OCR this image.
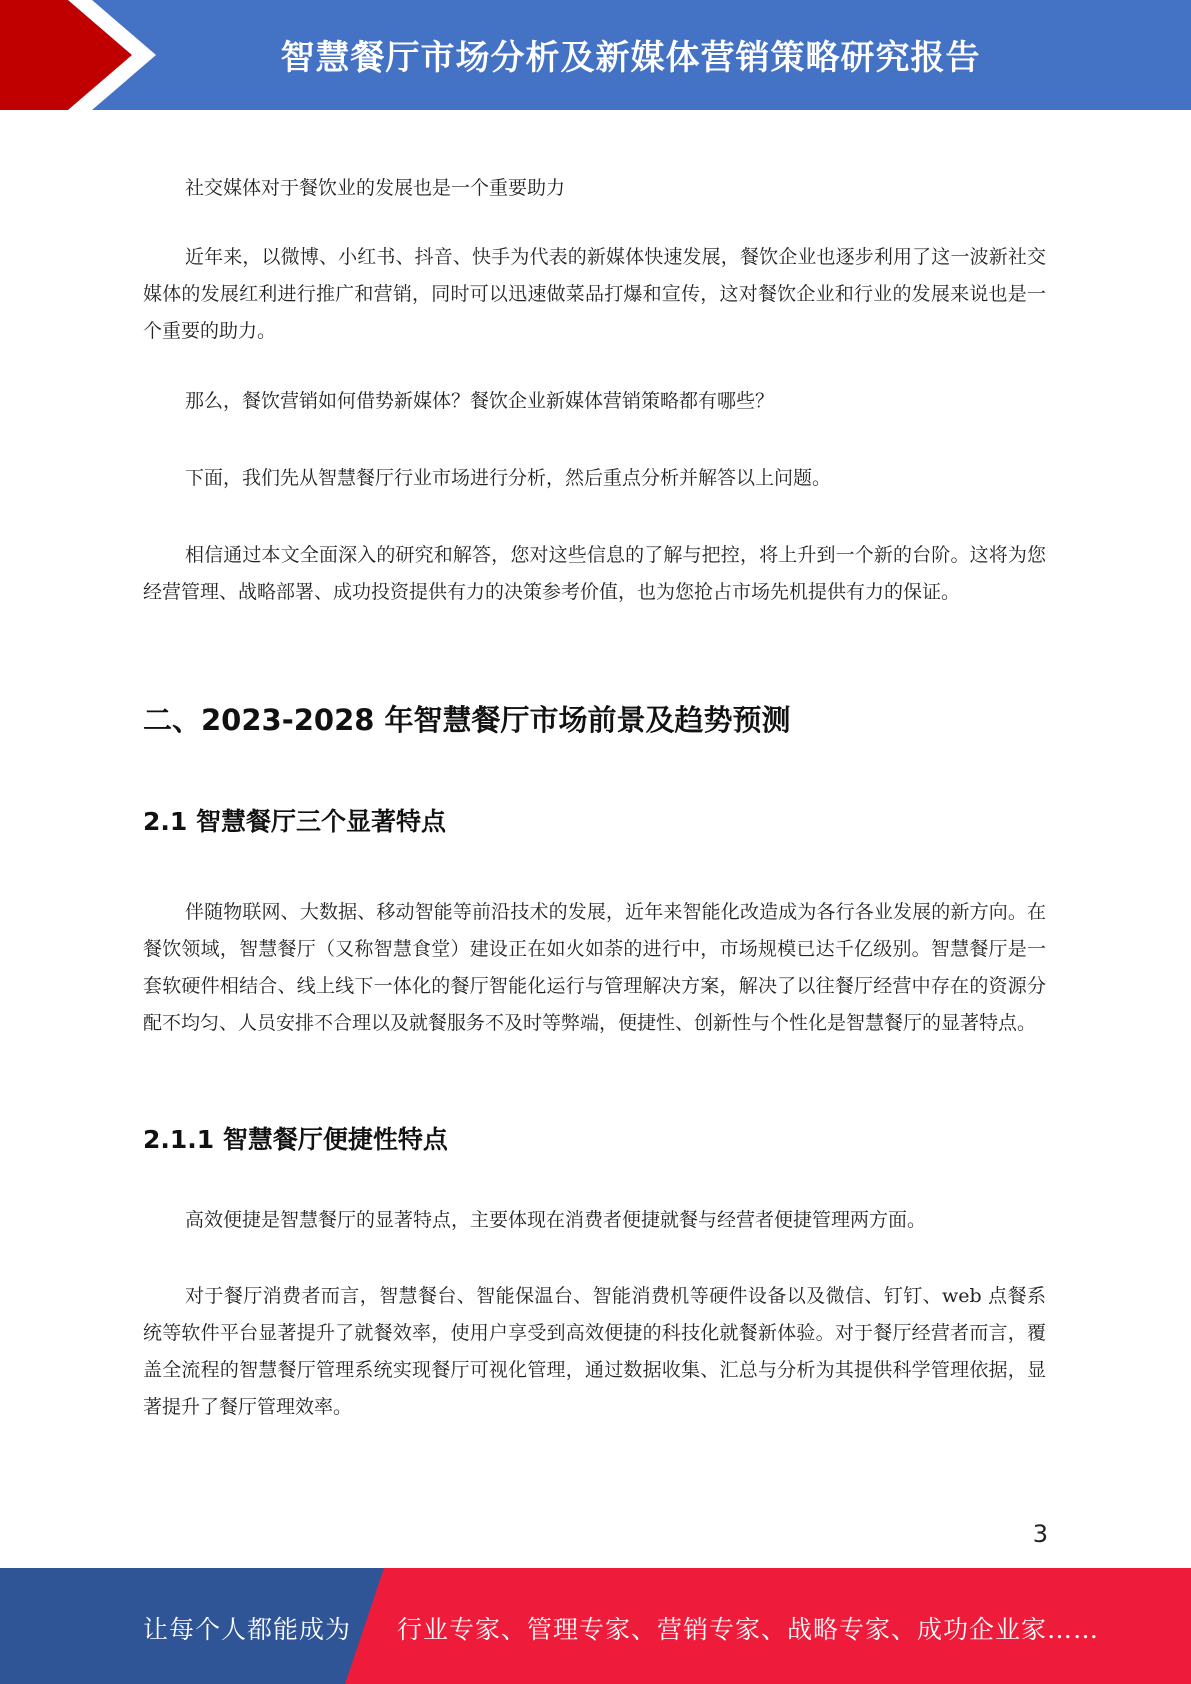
智慧餐厅市场分析及新媒体营销策略研究报告

社交媒体对于餐饮业的发展也是一个重要助力

近年来，以微博、小红书、抖音、快手为代表的新媒体快速发展，餐饮企业也逐步利用了这一波新社交媒体的发展红利进行推广和营销，同时可以迅速做菜品打爆和宣传，这对餐饮企业和行业的发展来说也是一个重要的助力。

那么，餐饮营销如何借势新媒体？餐饮企业新媒体营销策略都有哪些？

下面，我们先从智慧餐厅行业市场进行分析，然后重点分析并解答以上问题。

相信通过本文全面深入的研究和解答，您对这些信息的了解与把控，将上升到一个新的台阶。这将为您经营管理、战略部署、成功投资提供有力的决策参考价值，也为您抢占市场先机提供有力的保证。

二、2023-2028 年智慧餐厅市场前景及趋势预测
2.1 智慧餐厅三个显著特点

伴随物联网、大数据、移动智能等前沿技术的发展，近年来智能化改造成为各行各业发展的新方向。在餐饮领域，智慧餐厅（又称智慧食堂）建设正在如火如荼的进行中，市场规模已达千亿级别。智慧餐厅是一套软硬件相结合、线上线下一体化的餐厅智能化运行与管理解决方案，解决了以往餐厅经营中存在的资源分配不均匀、人员安排不合理以及就餐服务不及时等弊端，便捷性、创新性与个性化是智慧餐厅的显著特点。

2.1.1 智慧餐厅便捷性特点

高效便捷是智慧餐厅的显著特点，主要体现在消费者便捷就餐与经营者便捷管理两方面。

对于餐厅消费者而言，智慧餐台、智能保温台、智能消费机等硬件设备以及微信、钉钉、web 点餐系统等软件平台显著提升了就餐效率，使用户享受到高效便捷的科技化就餐新体验。对于餐厅经营者而言，覆盖全流程的智慧餐厅管理系统实现餐厅可视化管理，通过数据收集、汇总与分析为其提供科学管理依据，显著提升了餐厅管理效率。

3
让每个人都能成为 行业专家、管理专家、营销专家、战略专家、成功企业家……
